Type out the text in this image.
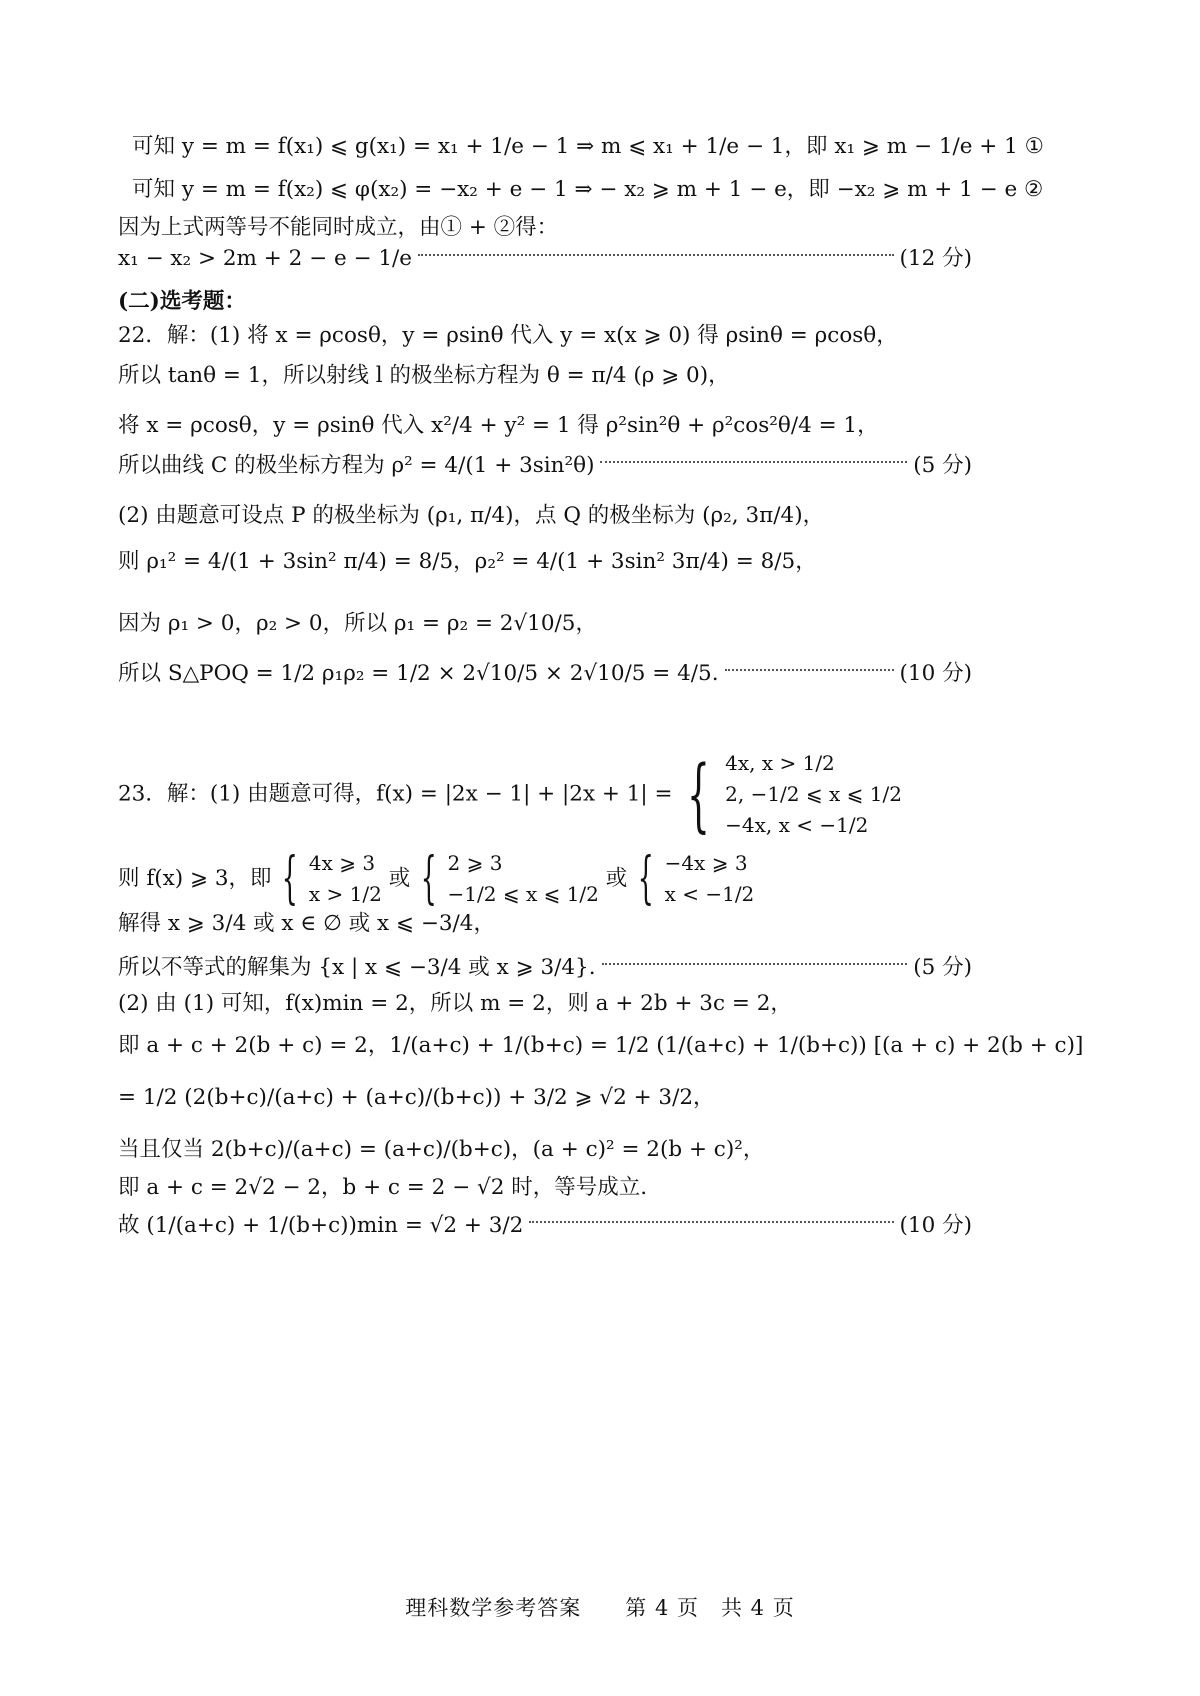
可知 y = m = f(x₁) ⩽ g(x₁) = x₁ + 1/e − 1 ⇒ m ⩽ x₁ + 1/e − 1，即 x₁ ⩾ m − 1/e + 1 ①
可知 y = m = f(x₂) ⩽ φ(x₂) = −x₂ + e − 1 ⇒ − x₂ ⩾ m + 1 − e，即 −x₂ ⩾ m + 1 − e ②
因为上式两等号不能同时成立，由① + ②得：
x₁ − x₂ > 2m + 2 − e − 1/e	(12 分)
(二)选考题：
22．解：(1) 将 x = ρcosθ，y = ρsinθ 代入 y = x(x ⩾ 0) 得 ρsinθ = ρcosθ，
所以 tanθ = 1，所以射线 l 的极坐标方程为 θ = π/4 (ρ ⩾ 0)，
将 x = ρcosθ，y = ρsinθ 代入 x²/4 + y² = 1 得 ρ²sin²θ + ρ²cos²θ/4 = 1，
所以曲线 C 的极坐标方程为 ρ² = 4/(1 + 3sin²θ)	(5 分)
(2) 由题意可设点 P 的极坐标为 (ρ₁, π/4)，点 Q 的极坐标为 (ρ₂, 3π/4)，
则 ρ₁² = 4/(1 + 3sin² π/4) = 8/5，ρ₂² = 4/(1 + 3sin² 3π/4) = 8/5，
因为 ρ₁ > 0，ρ₂ > 0，所以 ρ₁ = ρ₂ = 2√10/5，
所以 S△POQ = 1/2 ρ₁ρ₂ = 1/2 × 2√10/5 × 2√10/5 = 4/5.	(10 分)
23．解：(1) 由题意可得，f(x) = |2x − 1| + |2x + 1| = { 4x, x > 1/2
2, −1/2 ⩽ x ⩽ 1/2
−4x, x < −1/2
则 f(x) ⩾ 3，即 { 4x ⩾ 3
x > 1/2
或 { 2 ⩾ 3
−1/2 ⩽ x ⩽ 1/2
或 { −4x ⩾ 3
x < −1/2
解得 x ⩾ 3/4 或 x ∈ ∅ 或 x ⩽ −3/4，
所以不等式的解集为 {x | x ⩽ −3/4 或 x ⩾ 3/4}.	(5 分)
(2) 由 (1) 可知，f(x)min = 2，所以 m = 2，则 a + 2b + 3c = 2，
即 a + c + 2(b + c) = 2，1/(a+c) + 1/(b+c) = 1/2 (1/(a+c) + 1/(b+c)) [(a + c) + 2(b + c)]
= 1/2 (2(b+c)/(a+c) + (a+c)/(b+c)) + 3/2 ⩾ √2 + 3/2，
当且仅当 2(b+c)/(a+c) = (a+c)/(b+c)，(a + c)² = 2(b + c)²，
即 a + c = 2√2 − 2，b + c = 2 − √2 时，等号成立.
故 (1/(a+c) + 1/(b+c))min = √2 + 3/2	(10 分)
理科数学参考答案　　第 4 页　共 4 页
